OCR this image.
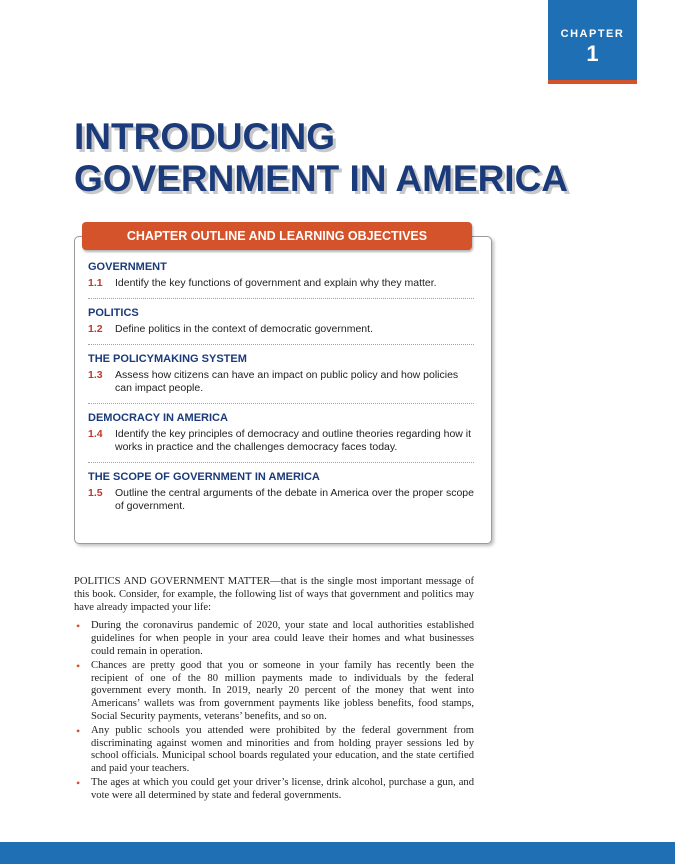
CHAPTER
1
INTRODUCING
GOVERNMENT IN AMERICA
CHAPTER OUTLINE AND LEARNING OBJECTIVES
GOVERNMENT
1.1	Identify the key functions of government and explain why they matter.
POLITICS
1.2	Define politics in the context of democratic government.
THE POLICYMAKING SYSTEM
1.3	Assess how citizens can have an impact on public policy and how policies can impact people.
DEMOCRACY IN AMERICA
1.4	Identify the key principles of democracy and outline theories regarding how it works in practice and the challenges democracy faces today.
THE SCOPE OF GOVERNMENT IN AMERICA
1.5	Outline the central arguments of the debate in America over the proper scope of government.

POLITICS AND GOVERNMENT MATTER—that is the single most important message of this book. Consider, for example, the following list of ways that government and politics may have already impacted your life:

• During the coronavirus pandemic of 2020, your state and local authorities established guidelines for when people in your area could leave their homes and what businesses could remain in operation.
• Chances are pretty good that you or someone in your family has recently been the recipient of one of the 80 million payments made to individuals by the federal government every month. In 2019, nearly 20 percent of the money that went into Americans’ wallets was from government payments like jobless benefits, food stamps, Social Security payments, veterans’ benefits, and so on.
• Any public schools you attended were prohibited by the federal government from discriminating against women and minorities and from holding prayer sessions led by school officials. Municipal school boards regulated your education, and the state certified and paid your teachers.
• The ages at which you could get your driver’s license, drink alcohol, purchase a gun, and vote were all determined by state and federal governments.
